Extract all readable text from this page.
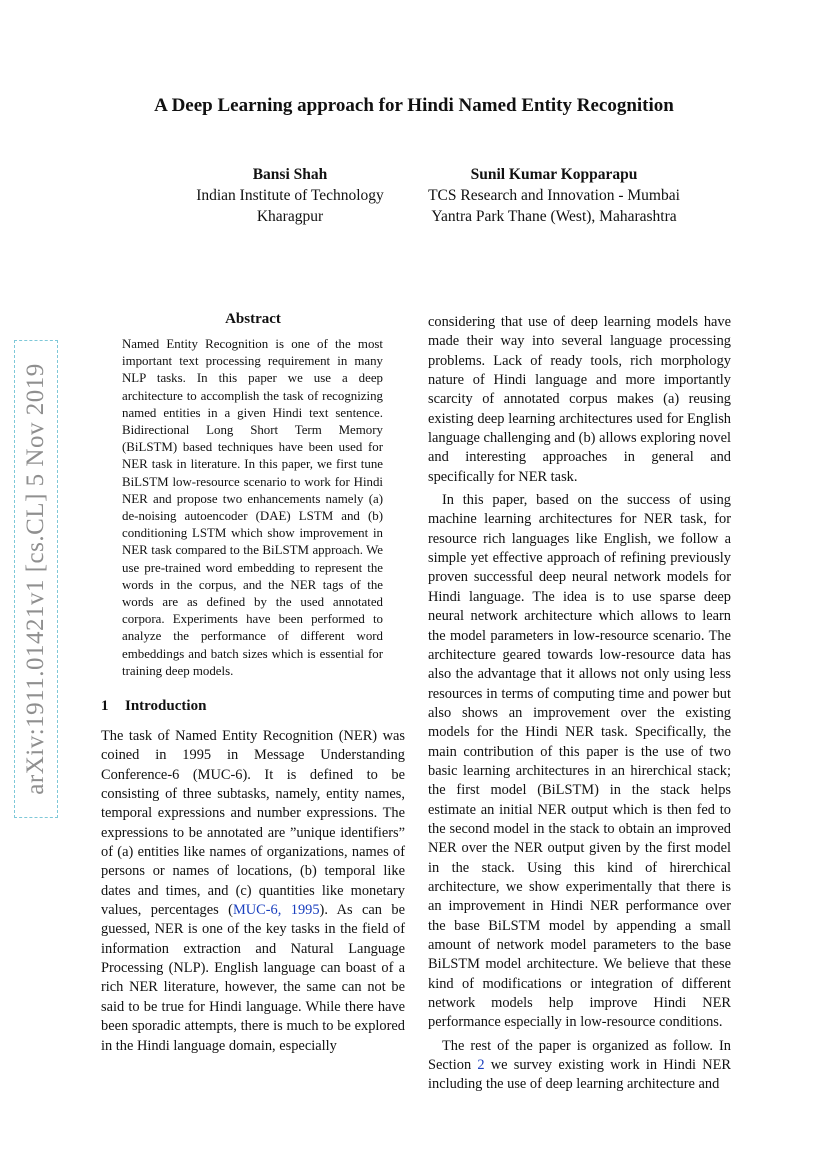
A Deep Learning approach for Hindi Named Entity Recognition
Bansi Shah
Indian Institute of Technology
Kharagpur
Sunil Kumar Kopparapu
TCS Research and Innovation - Mumbai
Yantra Park Thane (West), Maharashtra
arXiv:1911.01421v1 [cs.CL] 5 Nov 2019
Abstract
Named Entity Recognition is one of the most important text processing requirement in many NLP tasks. In this paper we use a deep architecture to accomplish the task of recognizing named entities in a given Hindi text sentence. Bidirectional Long Short Term Memory (BiLSTM) based techniques have been used for NER task in literature. In this paper, we first tune BiLSTM low-resource scenario to work for Hindi NER and propose two enhancements namely (a) de-noising autoencoder (DAE) LSTM and (b) conditioning LSTM which show improvement in NER task compared to the BiLSTM approach. We use pre-trained word embedding to represent the words in the corpus, and the NER tags of the words are as defined by the used annotated corpora. Experiments have been performed to analyze the performance of different word embeddings and batch sizes which is essential for training deep models.
1 Introduction

The task of Named Entity Recognition (NER) was coined in 1995 in Message Understanding Conference-6 (MUC-6). It is defined to be consisting of three subtasks, namely, entity names, temporal expressions and number expressions. The expressions to be annotated are ”unique identifiers” of (a) entities like names of organizations, names of persons or names of locations, (b) temporal like dates and times, and (c) quantities like monetary values, percentages (MUC-6, 1995). As can be guessed, NER is one of the key tasks in the field of information extraction and Natural Language Processing (NLP). English language can boast of a rich NER literature, however, the same can not be said to be true for Hindi language. While there have been sporadic attempts, there is much to be explored in the Hindi language domain, especially

considering that use of deep learning models have made their way into several language processing problems. Lack of ready tools, rich morphology nature of Hindi language and more importantly scarcity of annotated corpus makes (a) reusing existing deep learning architectures used for English language challenging and (b) allows exploring novel and interesting approaches in general and specifically for NER task.

In this paper, based on the success of using machine learning architectures for NER task, for resource rich languages like English, we follow a simple yet effective approach of refining previously proven successful deep neural network models for Hindi language. The idea is to use sparse deep neural network architecture which allows to learn the model parameters in low-resource scenario. The architecture geared towards low-resource data has also the advantage that it allows not only using less resources in terms of computing time and power but also shows an improvement over the existing models for the Hindi NER task. Specifically, the main contribution of this paper is the use of two basic learning architectures in an hirerchical stack; the first model (BiLSTM) in the stack helps estimate an initial NER output which is then fed to the second model in the stack to obtain an improved NER over the NER output given by the first model in the stack. Using this kind of hirerchical architecture, we show experimentally that there is an improvement in Hindi NER performance over the base BiLSTM model by appending a small amount of network model parameters to the base BiLSTM model architecture. We believe that these kind of modifications or integration of different network models help improve Hindi NER performance especially in low-resource conditions.

The rest of the paper is organized as follow. In Section 2 we survey existing work in Hindi NER including the use of deep learning architecture and
